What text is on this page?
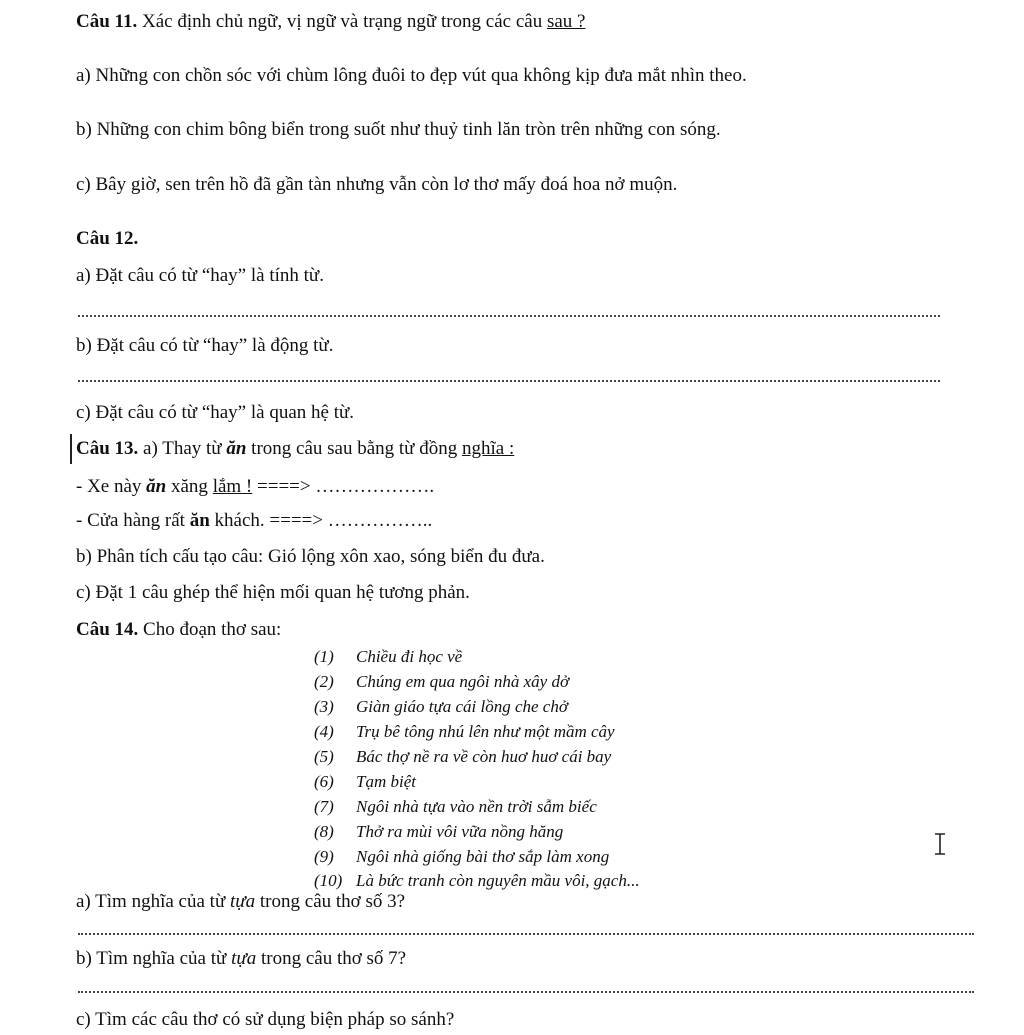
Câu 11. Xác định chủ ngữ, vị ngữ và trạng ngữ trong các câu sau ?
a) Những con chồn sóc với chùm lông đuôi to đẹp vút qua không kịp đưa mắt nhìn theo.
b) Những con chim bông biển trong suốt như thuỷ tinh lăn tròn trên những con sóng.
c) Bây giờ, sen trên hồ đã gần tàn nhưng vẫn còn lơ thơ mấy đoá hoa nở muộn.
Câu 12.
a) Đặt câu có từ “hay” là tính từ.
b) Đặt câu có từ “hay” là động từ.
c) Đặt câu có từ “hay” là quan hệ từ.
Câu 13. a) Thay từ ăn trong câu sau bằng từ đồng nghĩa :
- Xe này ăn xăng lắm ! ====> ……………….
- Cửa hàng rất ăn khách. ====> ……………..
b) Phân tích cấu tạo câu: Gió lộng xôn xao, sóng biển đu đưa.
c) Đặt 1 câu ghép thể hiện mối quan hệ tương phản.
Câu 14. Cho đoạn thơ sau:
(1) Chiều đi học về
(2) Chúng em qua ngôi nhà xây dở
(3) Giàn giáo tựa cái lồng che chở
(4) Trụ bê tông nhú lên như một mầm cây
(5) Bác thợ nề ra về còn huơ huơ cái bay
(6) Tạm biệt
(7) Ngôi nhà tựa vào nền trời sẫm biếc
(8) Thở ra mùi vôi vữa nồng hăng
(9) Ngôi nhà giống bài thơ sắp làm xong
(10) Là bức tranh còn nguyên mầu vôi, gạch...
a) Tìm nghĩa của từ tựa trong câu thơ số 3?
b) Tìm nghĩa của từ tựa trong câu thơ số 7?
c) Tìm các câu thơ có sử dụng biện pháp so sánh?
